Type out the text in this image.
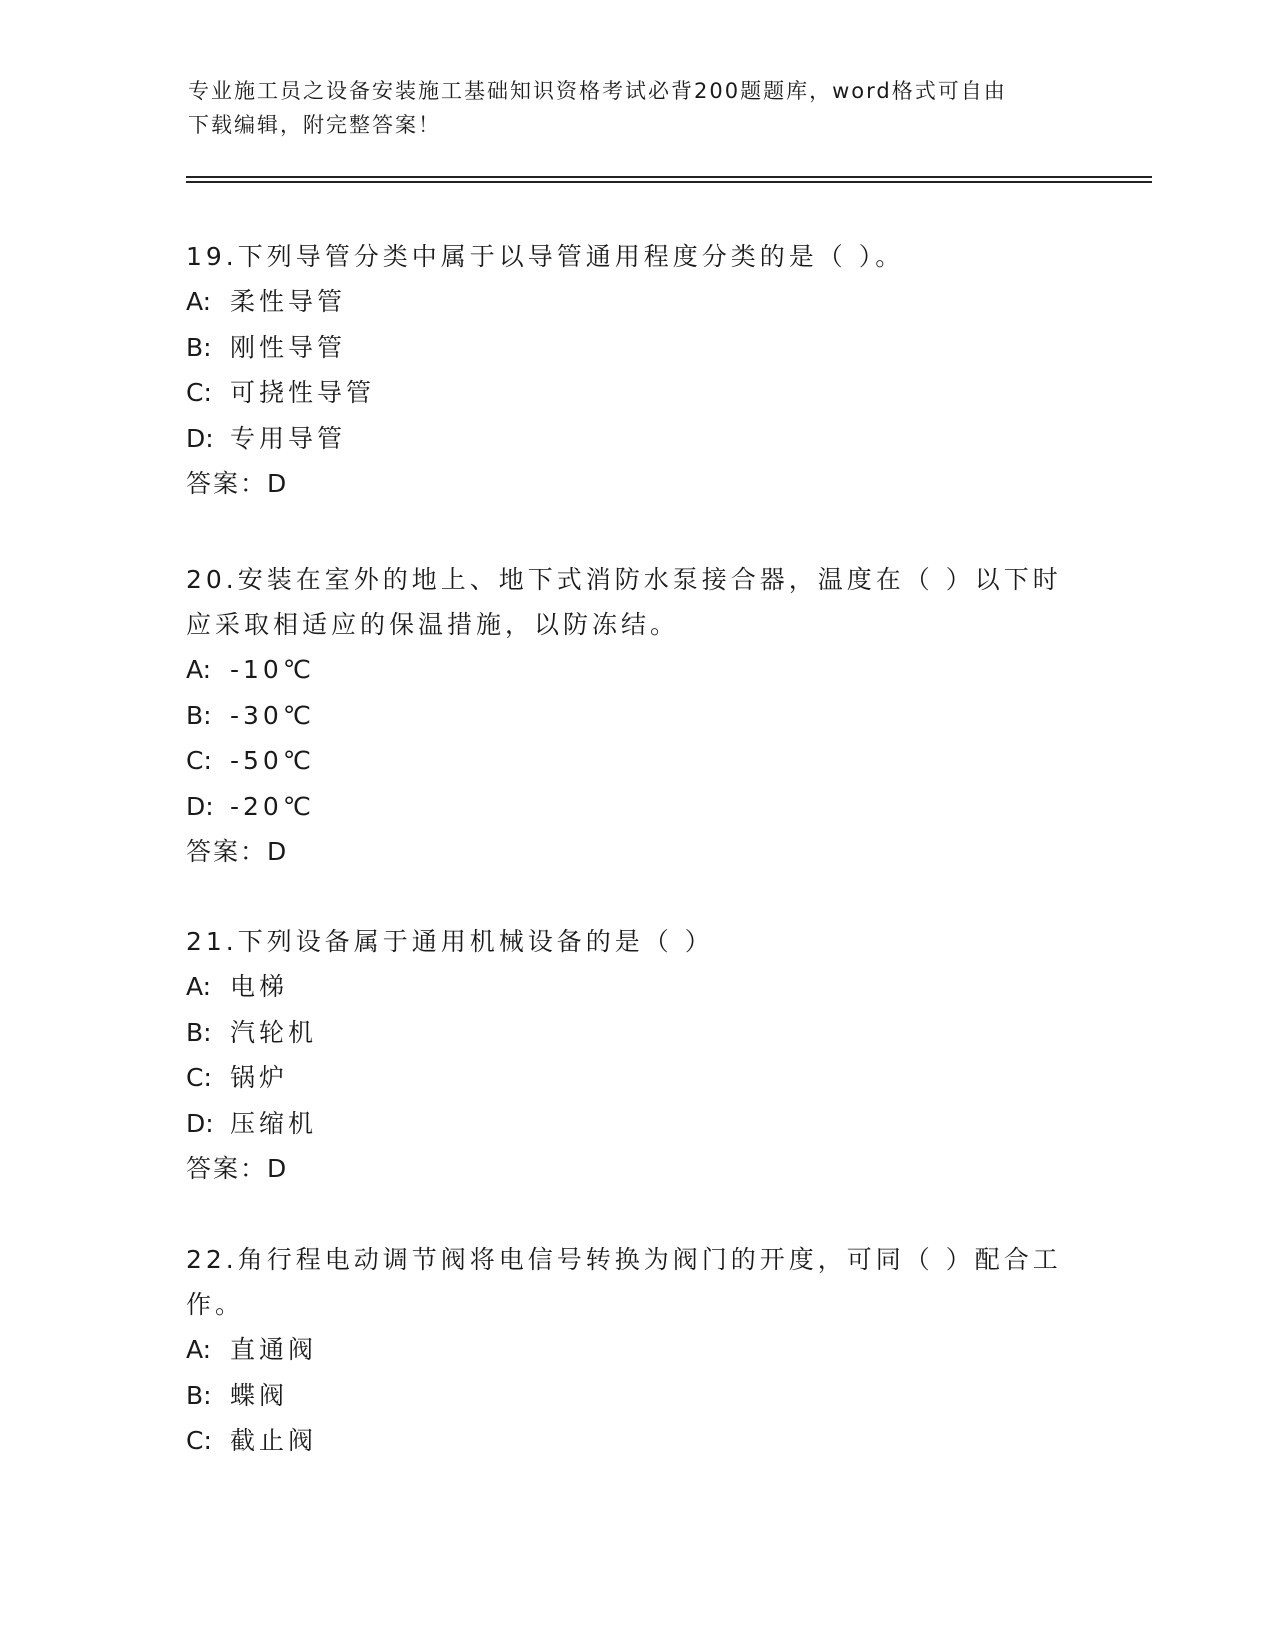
专业施工员之设备安装施工基础知识资格考试必背200题题库，word格式可自由
下载编辑，附完整答案！
19.下列导管分类中属于以导管通用程度分类的是（ ）。
A: 柔性导管
B: 刚性导管
C: 可挠性导管
D: 专用导管
答案：D
20.安装在室外的地上、地下式消防水泵接合器，温度在（ ）以下时应采取相适应的保温措施，以防冻结。
A: -10℃
B: -30℃
C: -50℃
D: -20℃
答案：D
21.下列设备属于通用机械设备的是（ ）
A: 电梯
B: 汽轮机
C: 锅炉
D: 压缩机
答案：D
22.角行程电动调节阀将电信号转换为阀门的开度，可同（ ）配合工作。
A: 直通阀
B: 蝶阀
C: 截止阀
